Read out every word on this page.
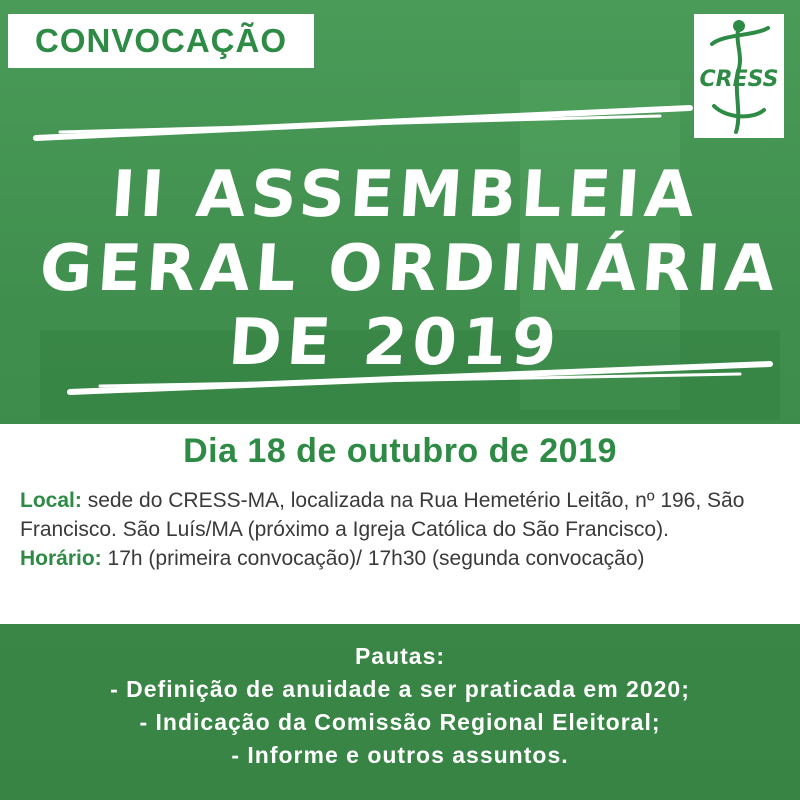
CONVOCAÇÃO
CRESS
II ASSEMBLEIA
GERAL ORDINÁRIA
DE 2019
Dia 18 de outubro de 2019
Local: sede do CRESS-MA, localizada na Rua Hemetério Leitão, nº 196, São Francisco. São Luís/MA (próximo a Igreja Católica do São Francisco).
Horário: 17h (primeira convocação)/ 17h30 (segunda convocação)
Pautas:
- Definição de anuidade a ser praticada em 2020;
- Indicação da Comissão Regional Eleitoral;
- Informe e outros assuntos.
